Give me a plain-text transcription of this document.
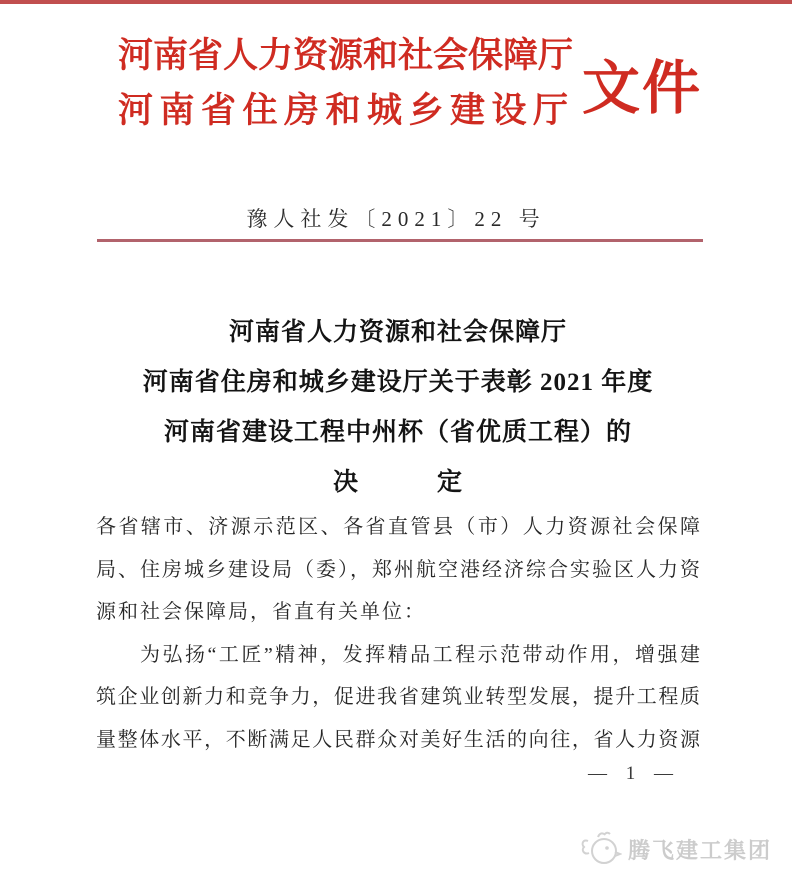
河南省人力资源和社会保障厅
河南省住房和城乡建设厅 文件
豫人社发〔2021〕22 号
河南省人力资源和社会保障厅
河南省住房和城乡建设厅关于表彰 2021 年度
河南省建设工程中州杯（省优质工程）的
决　　　定
各省辖市、济源示范区、各省直管县（市）人力资源社会保障
局、住房城乡建设局（委），郑州航空港经济综合实验区人力资
源和社会保障局，省直有关单位：
为弘扬“工匠”精神，发挥精品工程示范带动作用，增强建
筑企业创新力和竞争力，促进我省建筑业转型发展，提升工程质
量整体水平，不断满足人民群众对美好生活的向往，省人力资源
— 1 —
腾飞建工集团
